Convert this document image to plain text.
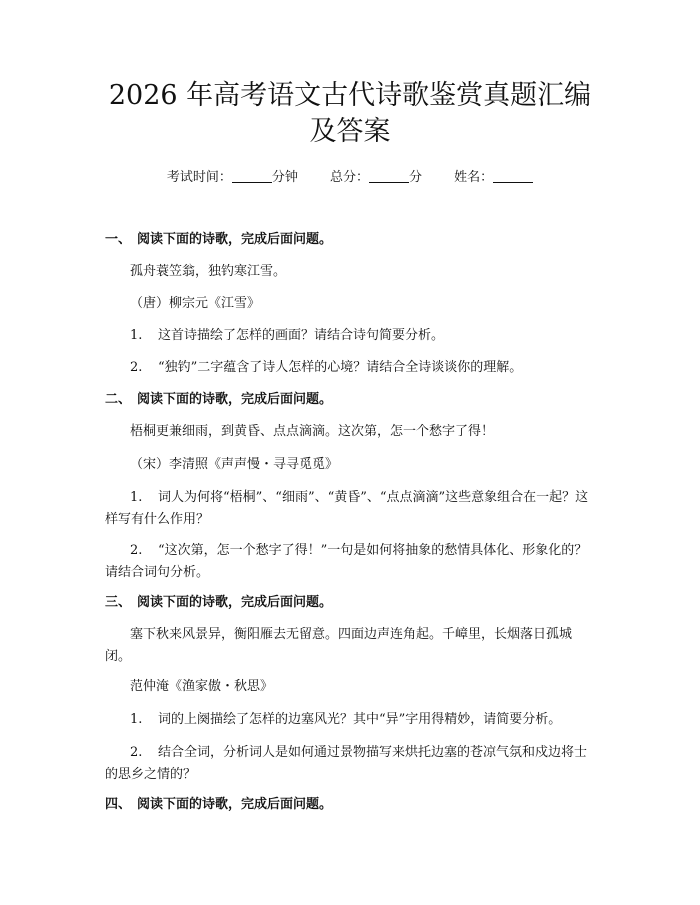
2026 年高考语文古代诗歌鉴赏真题汇编及答案
考试时间：	分钟 总分：	分 姓名：
一、 阅读下面的诗歌，完成后面问题。
孤舟蓑笠翁，独钓寒江雪。
（唐）柳宗元《江雪》
1. 这首诗描绘了怎样的画面？请结合诗句简要分析。
2. “独钓”二字蕴含了诗人怎样的心境？请结合全诗谈谈你的理解。
二、 阅读下面的诗歌，完成后面问题。
梧桐更兼细雨，到黄昏、点点滴滴。这次第，怎一个愁字了得！
（宋）李清照《声声慢・寻寻觅觅》
1. 词人为何将“梧桐”、“细雨”、“黄昏”、“点点滴滴”这些意象组合在一起？这样写有什么作用？
2. “这次第，怎一个愁字了得！”一句是如何将抽象的愁情具体化、形象化的？请结合词句分析。
三、 阅读下面的诗歌，完成后面问题。
塞下秋来风景异，衡阳雁去无留意。四面边声连角起。千嶂里，长烟落日孤城闭。
范仲淹《渔家傲・秋思》
1. 词的上阕描绘了怎样的边塞风光？其中“异”字用得精妙，请简要分析。
2. 结合全词，分析词人是如何通过景物描写来烘托边塞的苍凉气氛和戍边将士的思乡之情的？
四、 阅读下面的诗歌，完成后面问题。
